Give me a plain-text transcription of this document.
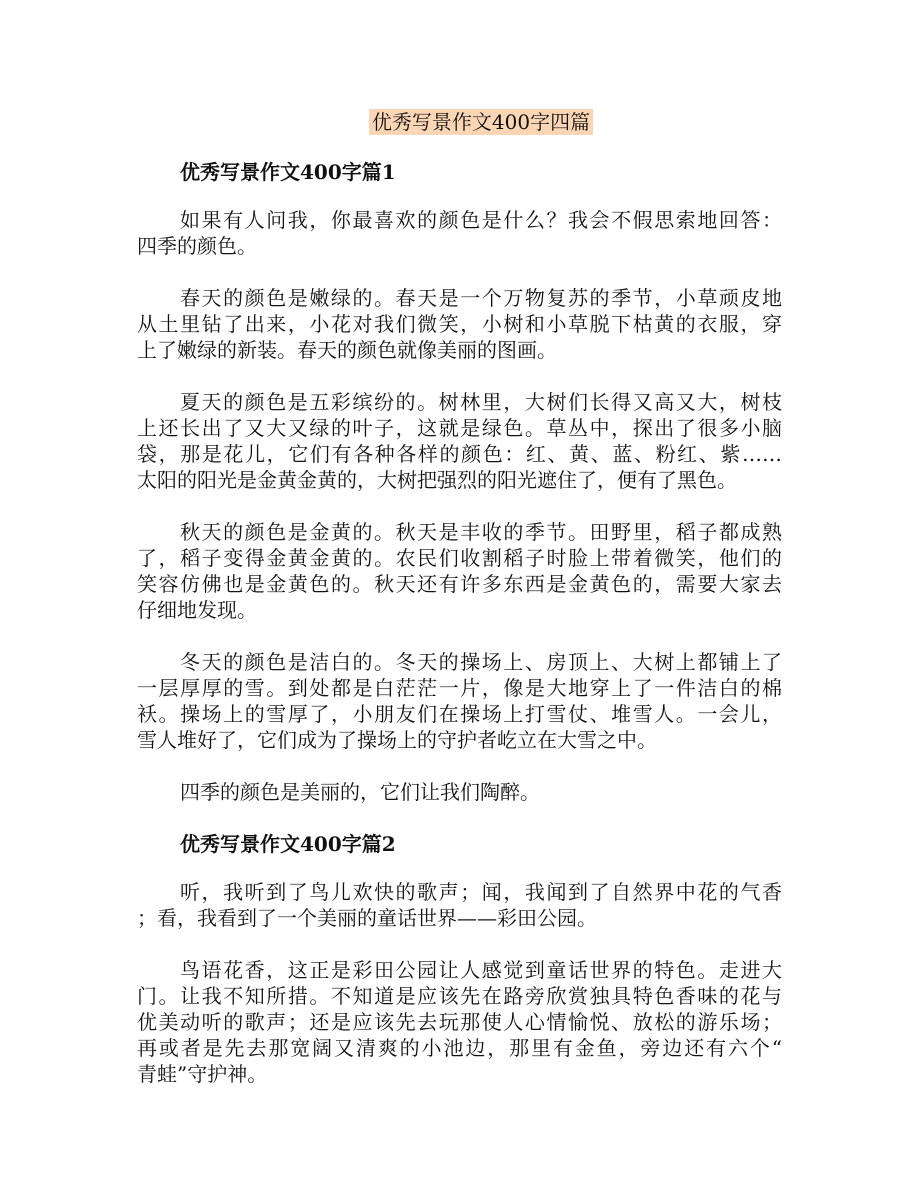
优秀写景作文400字四篇
优秀写景作文400字篇1
如果有人问我，你最喜欢的颜色是什么？我会不假思索地回答：
四季的颜色。
春天的颜色是嫩绿的。春天是一个万物复苏的季节，小草顽皮地
从土里钻了出来，小花对我们微笑，小树和小草脱下枯黄的衣服，穿
上了嫩绿的新装。春天的颜色就像美丽的图画。
夏天的颜色是五彩缤纷的。树林里，大树们长得又高又大，树枝
上还长出了又大又绿的叶子，这就是绿色。草丛中，探出了很多小脑
袋，那是花儿，它们有各种各样的颜色：红、黄、蓝、粉红、紫……
太阳的阳光是金黄金黄的，大树把强烈的阳光遮住了，便有了黑色。
秋天的颜色是金黄的。秋天是丰收的季节。田野里，稻子都成熟
了，稻子变得金黄金黄的。农民们收割稻子时脸上带着微笑，他们的
笑容仿佛也是金黄色的。秋天还有许多东西是金黄色的，需要大家去
仔细地发现。
冬天的颜色是洁白的。冬天的操场上、房顶上、大树上都铺上了
一层厚厚的雪。到处都是白茫茫一片，像是大地穿上了一件洁白的棉
袄。操场上的雪厚了，小朋友们在操场上打雪仗、堆雪人。一会儿，
雪人堆好了，它们成为了操场上的守护者屹立在大雪之中。
四季的颜色是美丽的，它们让我们陶醉。
优秀写景作文400字篇2
听，我听到了鸟儿欢快的歌声；闻，我闻到了自然界中花的气香
；看，我看到了一个美丽的童话世界——彩田公园。
鸟语花香，这正是彩田公园让人感觉到童话世界的特色。走进大
门。让我不知所措。不知道是应该先在路旁欣赏独具特色香味的花与
优美动听的歌声；还是应该先去玩那使人心情愉悦、放松的游乐场；
再或者是先去那宽阔又清爽的小池边，那里有金鱼，旁边还有六个“
青蛙”守护神。
